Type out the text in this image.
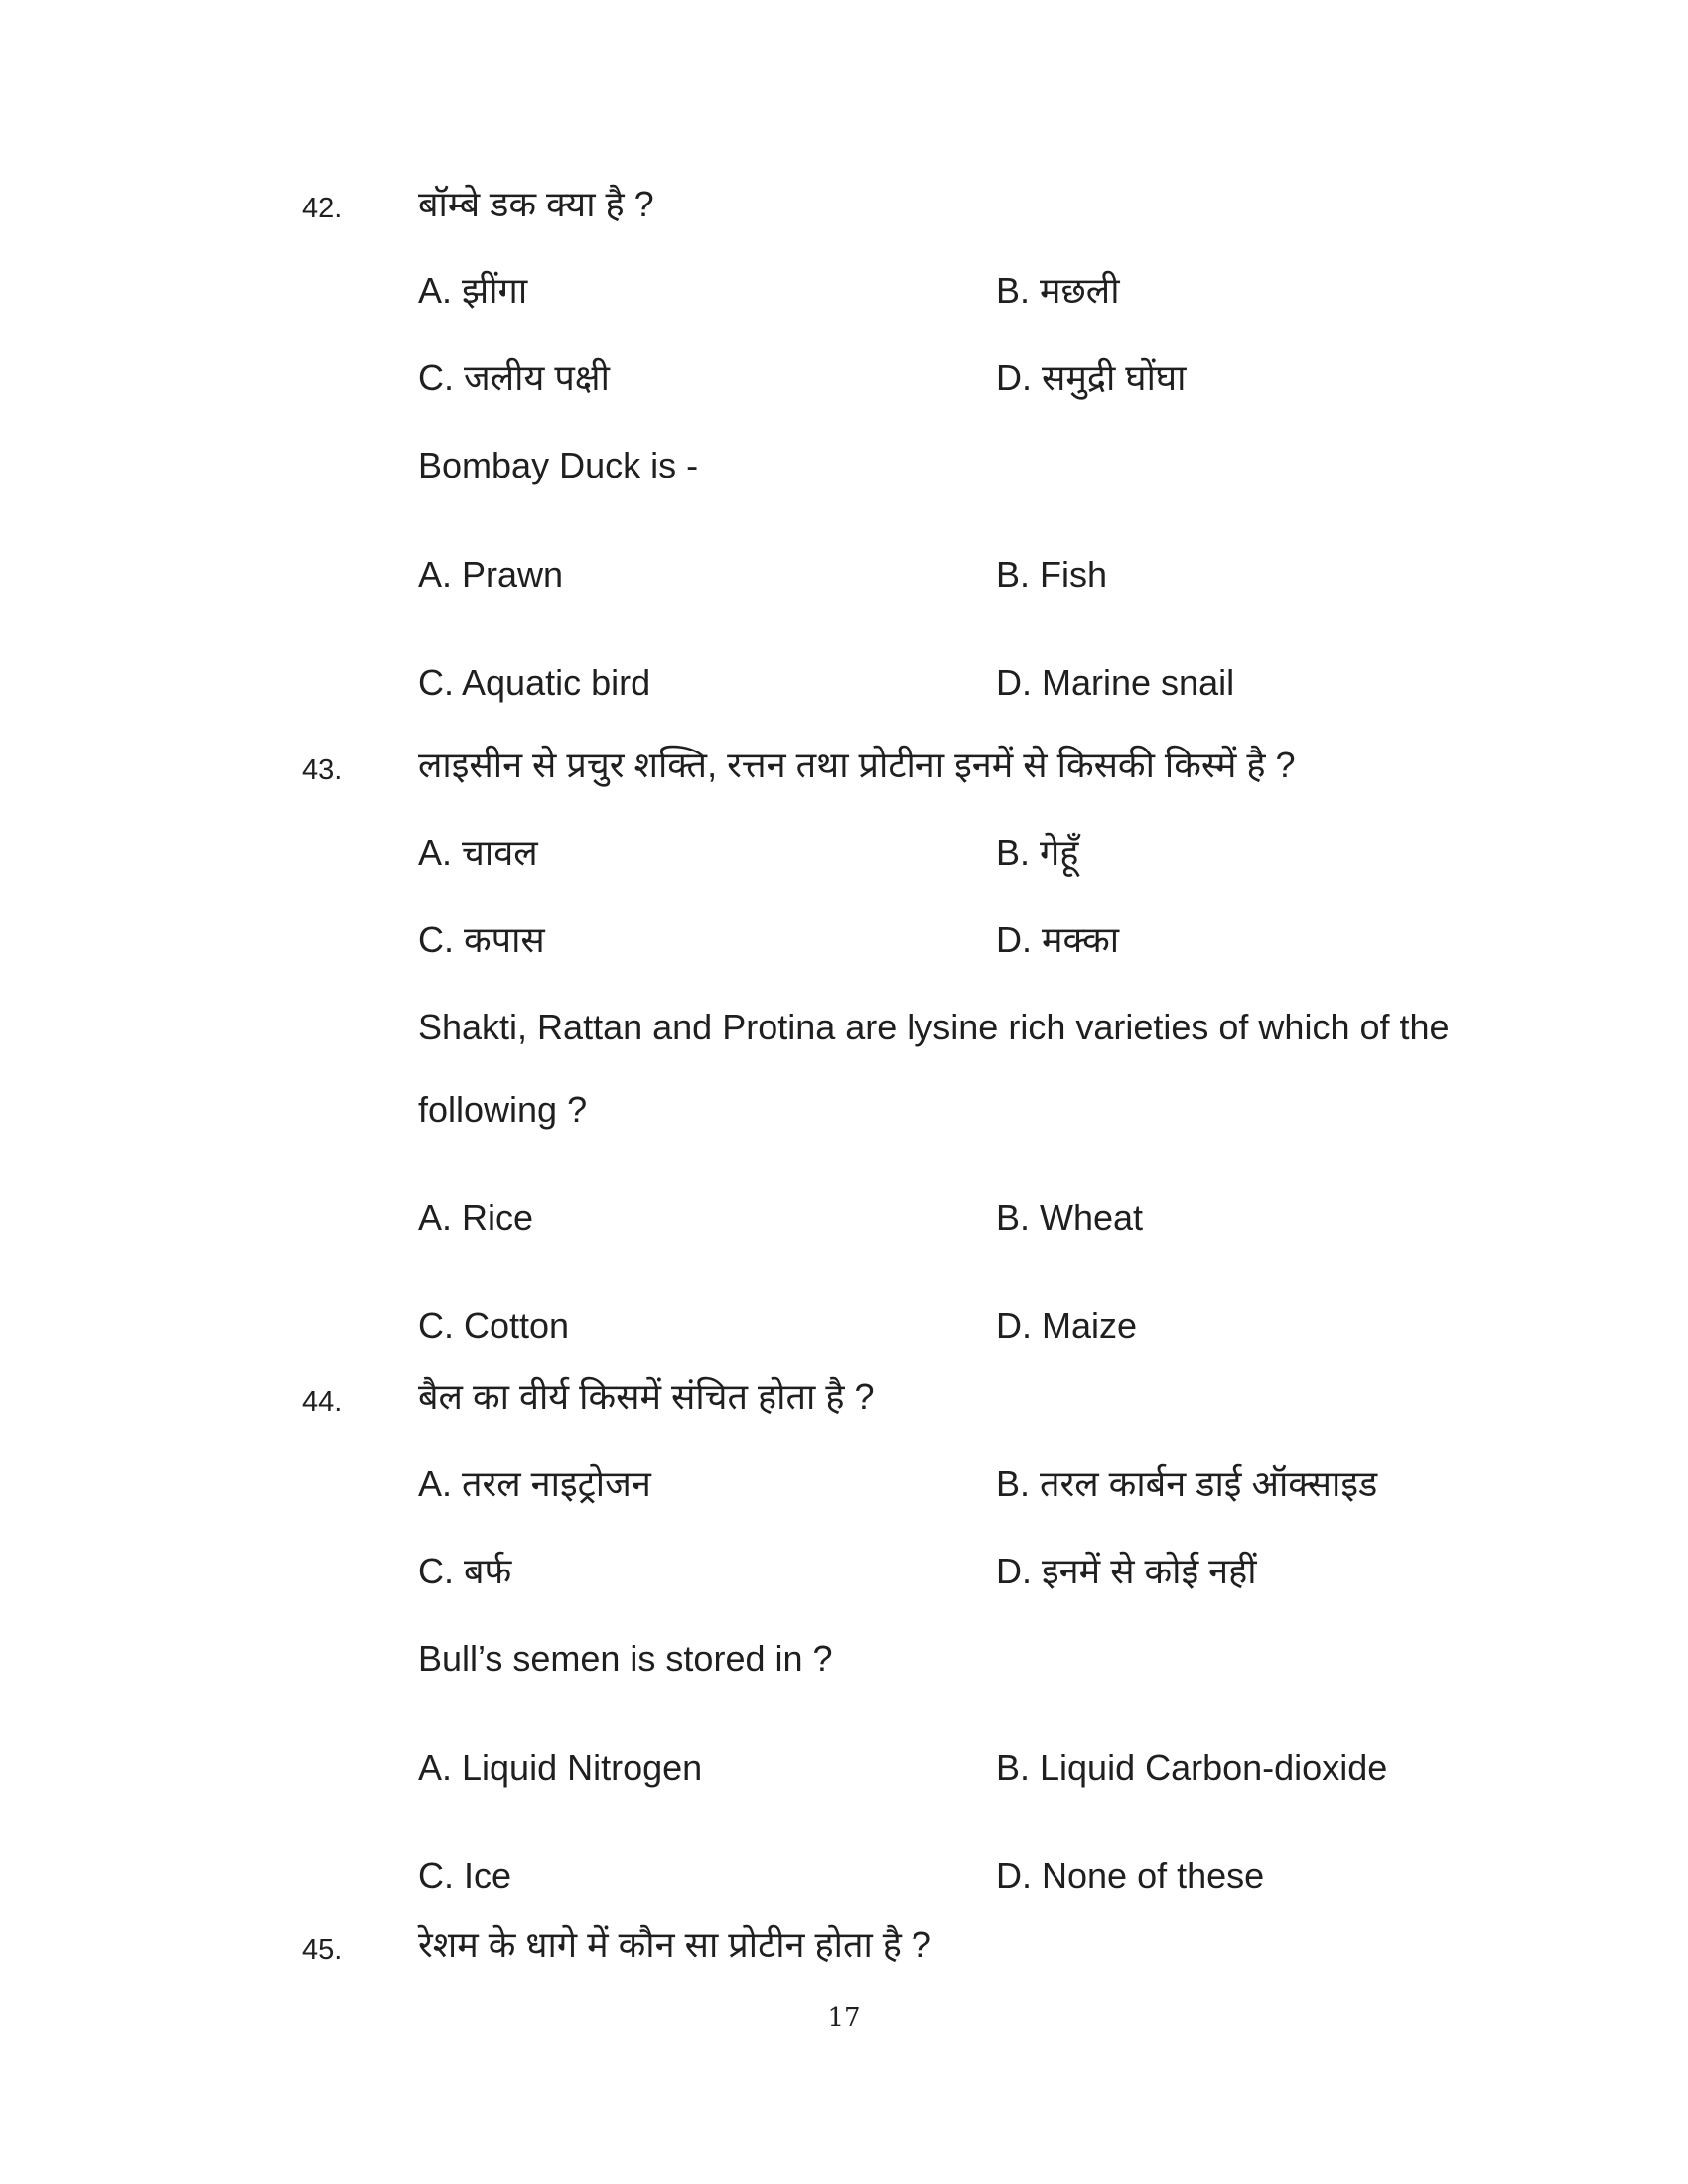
42. बॉम्बे डक क्या है ?
A. झींगा	B. मछली
C. जलीय पक्षी	D. समुद्री घोंघा
Bombay Duck is -
A. Prawn	B. Fish
C. Aquatic bird	D. Marine snail
43. लाइसीन से प्रचुर शक्ति, रत्तन तथा प्रोटीना इनमें से किसकी किस्में है ?
A. चावल	B. गेहूँ
C. कपास	D. मक्का
Shakti, Rattan and Protina are lysine rich varieties of which of the
following ?
A. Rice	B. Wheat
C. Cotton	D. Maize
44. बैल का वीर्य किसमें संचित होता है ?
A. तरल नाइट्रोजन	B. तरल कार्बन डाई ऑक्साइड
C. बर्फ	D. इनमें से कोई नहीं
Bull’s semen is stored in ?
A. Liquid Nitrogen	B. Liquid Carbon-dioxide
C. Ice	D. None of these
45. रेशम के धागे में कौन सा प्रोटीन होता है ?
17
